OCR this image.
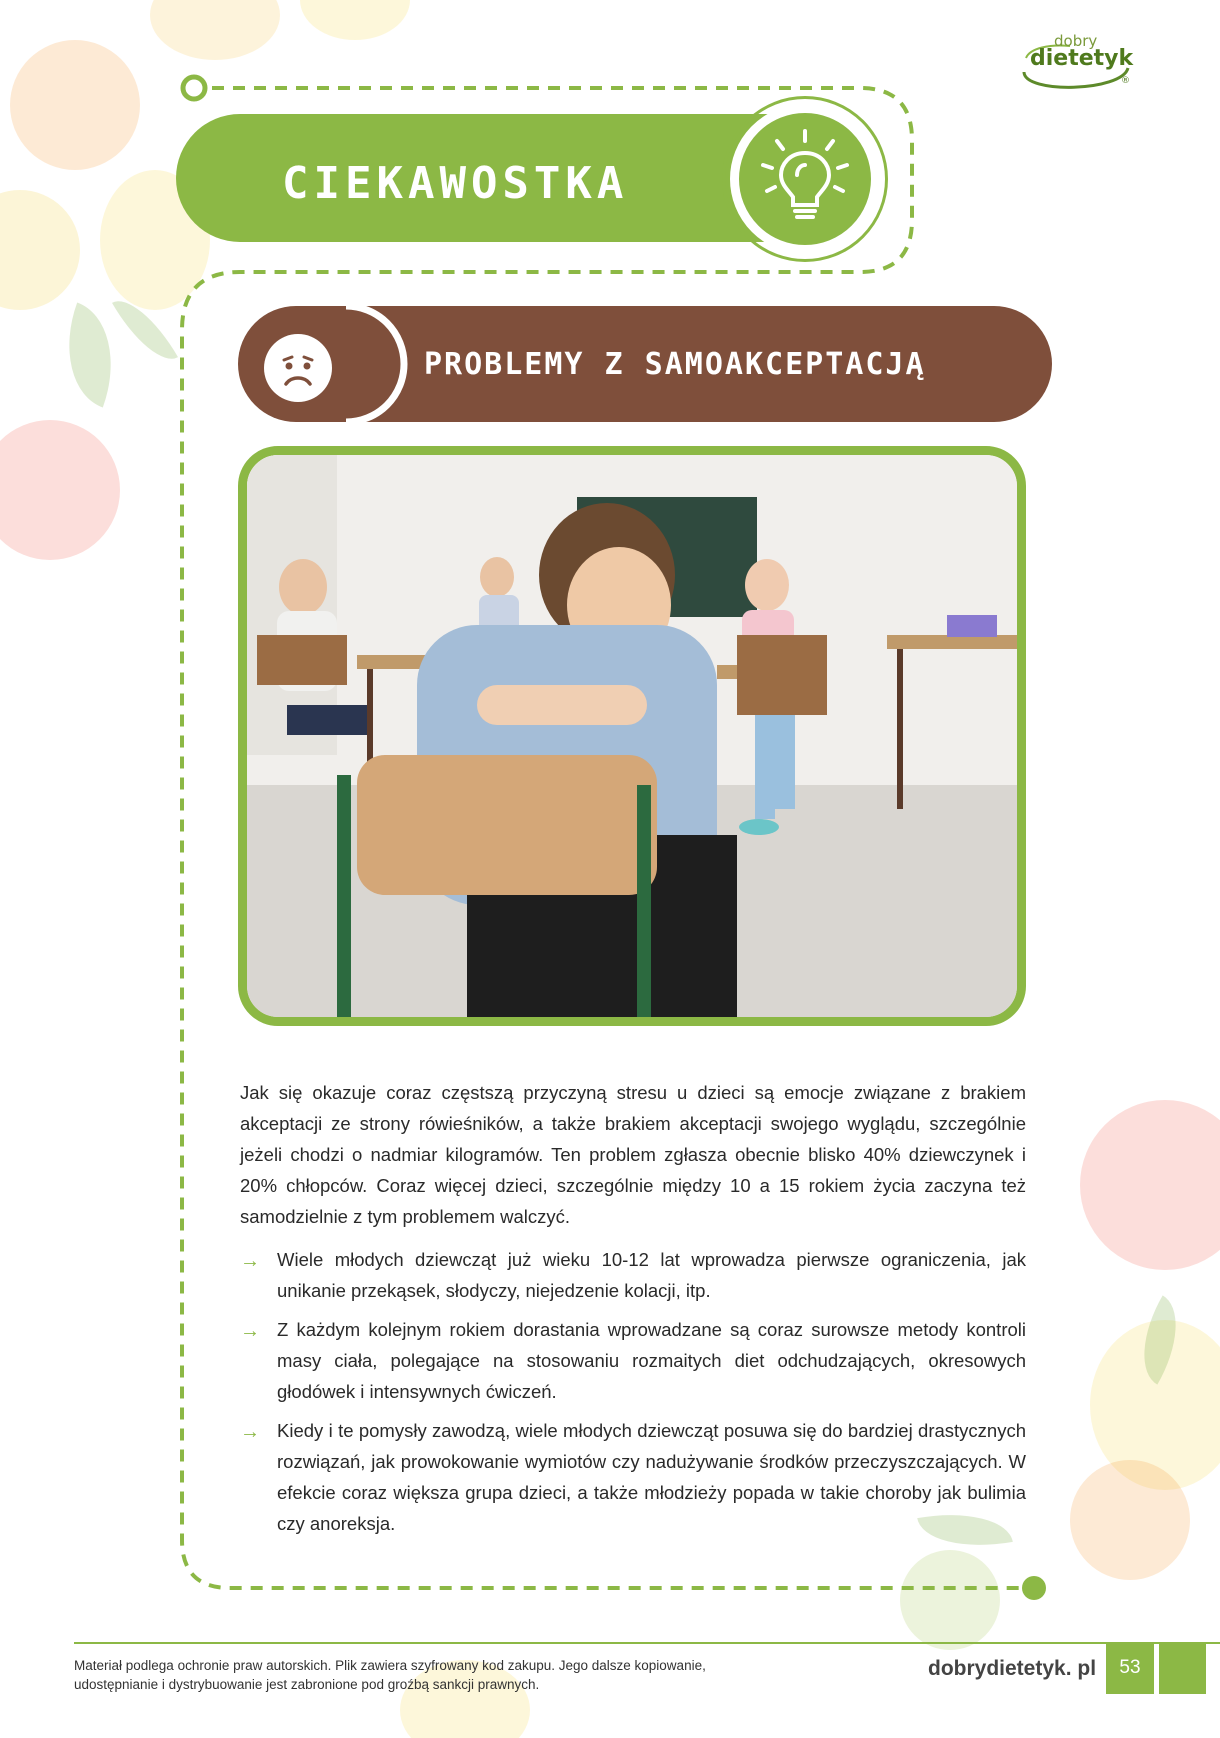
dobry
dietetyk
®
CIEKAWOSTKA
PROBLEMY Z SAMOAKCEPTACJĄ

Jak się okazuje coraz częstszą przyczyną stresu u dzieci są emocje związane z brakiem akceptacji ze strony rówieśników, a także brakiem akceptacji swojego wyglądu, szczególnie jeżeli chodzi o nadmiar kilogramów. Ten problem zgłasza obecnie blisko 40% dziewczynek i 20% chłopców. Coraz więcej dzieci, szczególnie między 10 a 15 rokiem życia zaczyna też samodzielnie z tym problemem walczyć.

→ Wiele młodych dziewcząt już wieku 10-12 lat wprowadza pierwsze ograniczenia, jak unikanie przekąsek, słodyczy, niejedzenie kolacji, itp.
→ Z każdym kolejnym rokiem dorastania wprowadzane są coraz surowsze metody kontroli masy ciała, polegające na stosowaniu rozmaitych diet odchudzających, okresowych głodówek i intensywnych ćwiczeń.
→ Kiedy i te pomysły zawodzą, wiele młodych dziewcząt posuwa się do bardziej drastycznych rozwiązań, jak prowokowanie wymiotów czy nadużywanie środków przeczyszczających. W efekcie coraz większa grupa dzieci, a także młodzieży popada w takie choroby jak bulimia czy anoreksja.
Materiał podlega ochronie praw autorskich. Plik zawiera szyfrowany kod zakupu. Jego dalsze kopiowanie, udostępnianie i dystrybuowanie jest zabronione pod groźbą sankcji prawnych.
dobrydietetyk. pl	53
